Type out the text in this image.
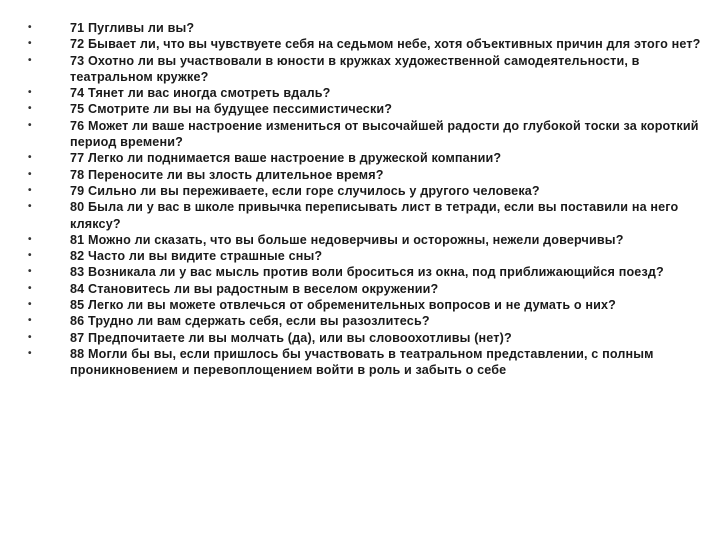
•	71 Пугливы ли вы?
•	72 Бывает ли, что вы чувствуете себя на седьмом небе, хотя объективных причин для этого нет?
•	73 Охотно ли вы участвовали в юности в кружках художественной самодеятельности, в театральном кружке?
•	74 Тянет ли вас иногда смотреть вдаль?
•	75 Смотрите ли вы на будущее пессимистически?
•	76 Может ли ваше настроение измениться от высочайшей радости до глубокой тоски за короткий период времени?
•	77 Легко ли поднимается ваше настроение в дружеской компании?
•	78 Переносите ли вы злость длительное время?
•	79 Сильно ли вы переживаете, если горе случилось у другого человека?
•	80 Была ли у вас в школе привычка переписывать лист в тетради, если вы поставили на него кляксу?
•	81 Можно ли сказать, что вы больше недоверчивы и осторожны, нежели доверчивы?
•	82 Часто ли вы видите страшные сны?
•	83 Возникала ли у вас мысль против воли броситься из окна, под приближающийся поезд?
•	84 Становитесь ли вы радостным в веселом окружении?
•	85 Легко ли вы можете отвлечься от обременительных вопросов и не думать о них?
•	86 Трудно ли вам сдержать себя, если вы разозлитесь?
•	87 Предпочитаете ли вы молчать (да), или вы словоохотливы (нет)?
•	88 Могли бы вы, если пришлось бы участвовать в театральном представлении, с полным проникновением и перевоплощением войти в роль и забыть о себе
